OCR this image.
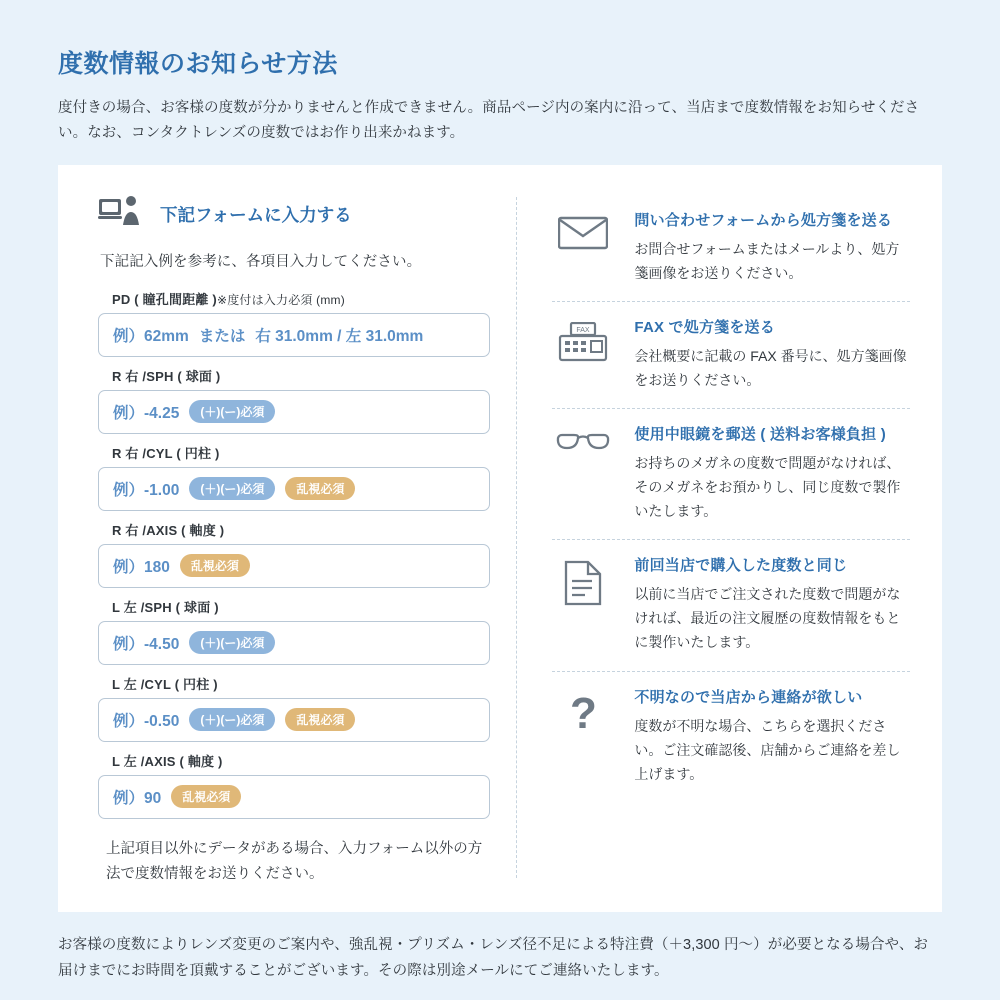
度数情報のお知らせ方法

度付きの場合、お客様の度数が分かりませんと作成できません。商品ページ内の案内に沿って、当店まで度数情報をお知らせください。なお、コンタクトレンズの度数ではお作り出来かねます。

下記フォームに入力する
下記記入例を参考に、各項目入力してください。
PD ( 瞳孔間距離 )※度付は入力必須 (mm)
例）62mm または 右 31.0mm / 左 31.0mm
R 右 /SPH ( 球面 )
例）-4.25	(＋)(ー)必須
R 右 /CYL ( 円柱 )
例）-1.00	(＋)(ー)必須	乱視必須
R 右 /AXIS ( 軸度 )
例）180	乱視必須
L 左 /SPH ( 球面 )
例）-4.50	(＋)(ー)必須
L 左 /CYL ( 円柱 )
例）-0.50	(＋)(ー)必須	乱視必須
L 左 /AXIS ( 軸度 )
例）90	乱視必須
上記項目以外にデータがある場合、入力フォーム以外の方法で度数情報をお送りください。
問い合わせフォームから処方箋を送る
お問合せフォームまたはメールより、処方箋画像をお送りください。
FAX	FAX で処方箋を送る
会社概要に記載の FAX 番号に、処方箋画像をお送りください。
使用中眼鏡を郵送 ( 送料お客様負担 )
お持ちのメガネの度数で問題がなければ、そのメガネをお預かりし、同じ度数で製作いたします。
前回当店で購入した度数と同じ
以前に当店でご注文された度数で問題がなければ、最近の注文履歴の度数情報をもとに製作いたします。
?	不明なので当店から連絡が欲しい
度数が不明な場合、こちらを選択ください。ご注文確認後、店舗からご連絡を差し上げます。
お客様の度数によりレンズ変更のご案内や、強乱視・プリズム・レンズ径不足による特注費（＋3,300 円～）が必要となる場合や、お届けまでにお時間を頂戴することがございます。その際は別途メールにてご連絡いたします。
